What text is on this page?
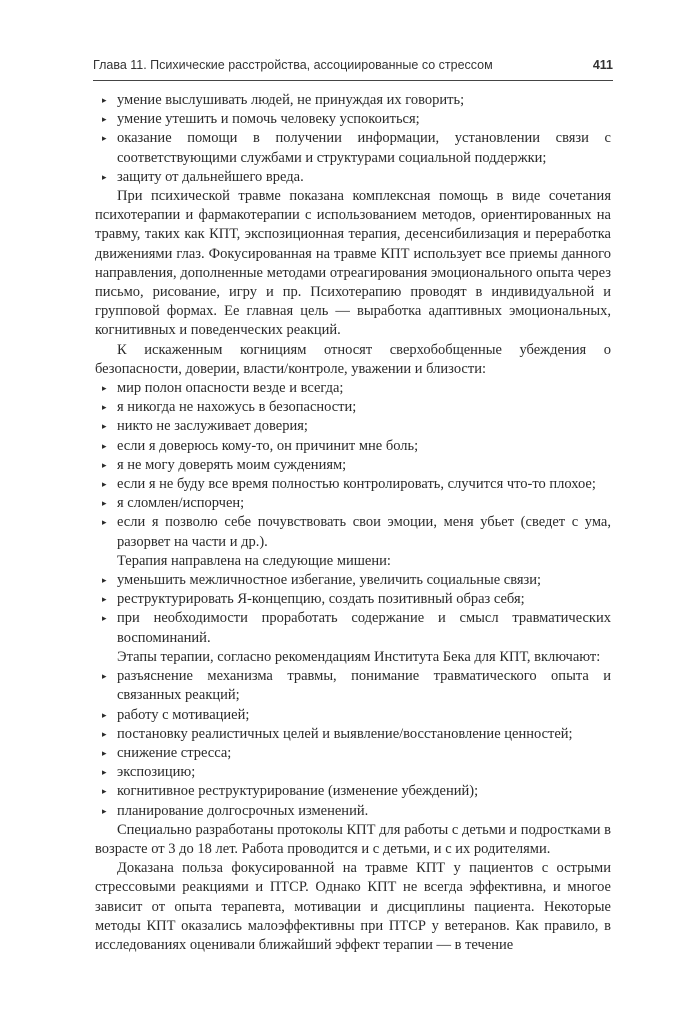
Глава 11. Психические расстройства, ассоциированные со стрессом	411
▸ умение выслушивать людей, не принуждая их говорить;
▸ умение утешить и помочь человеку успокоиться;
▸ оказание помощи в получении информации, установлении связи с соответствующими службами и структурами социальной поддержки;
▸ защиту от дальнейшего вреда.

При психической травме показана комплексная помощь в виде сочетания психотерапии и фармакотерапии с использованием методов, ориентированных на травму, таких как КПТ, экспозиционная терапия, десенсибилизация и переработка движениями глаз. Фокусированная на травме КПТ использует все приемы данного направления, дополненные методами отреагирования эмоционального опыта через письмо, рисование, игру и пр. Психотерапию проводят в индивидуальной и групповой формах. Ее главная цель — выработка адаптивных эмоциональных, когнитивных и поведенческих реакций.

К искаженным когнициям относят сверхобобщенные убеждения о безопасности, доверии, власти/контроле, уважении и близости:

▸ мир полон опасности везде и всегда;
▸ я никогда не нахожусь в безопасности;
▸ никто не заслуживает доверия;
▸ если я доверюсь кому-то, он причинит мне боль;
▸ я не могу доверять моим суждениям;
▸ если я не буду все время полностью контролировать, случится что-то плохое;
▸ я сломлен/испорчен;
▸ если я позволю себе почувствовать свои эмоции, меня убьет (сведет с ума, разорвет на части и др.).

Терапия направлена на следующие мишени:

▸ уменьшить межличностное избегание, увеличить социальные связи;
▸ реструктурировать Я-концепцию, создать позитивный образ себя;
▸ при необходимости проработать содержание и смысл травматических воспоминаний.

Этапы терапии, согласно рекомендациям Института Бека для КПТ, включают:

▸ разъяснение механизма травмы, понимание травматического опыта и связанных реакций;
▸ работу с мотивацией;
▸ постановку реалистичных целей и выявление/восстановление ценностей;
▸ снижение стресса;
▸ экспозицию;
▸ когнитивное реструктурирование (изменение убеждений);
▸ планирование долгосрочных изменений.

Специально разработаны протоколы КПТ для работы с детьми и подростками в возрасте от 3 до 18 лет. Работа проводится и с детьми, и с их родителями.

Доказана польза фокусированной на травме КПТ у пациентов с острыми стрессовыми реакциями и ПТСР. Однако КПТ не всегда эффективна, и многое зависит от опыта терапевта, мотивации и дисциплины пациента. Некоторые методы КПТ оказались малоэффективны при ПТСР у ветеранов. Как правило, в исследованиях оценивали ближайший эффект терапии — в течение
